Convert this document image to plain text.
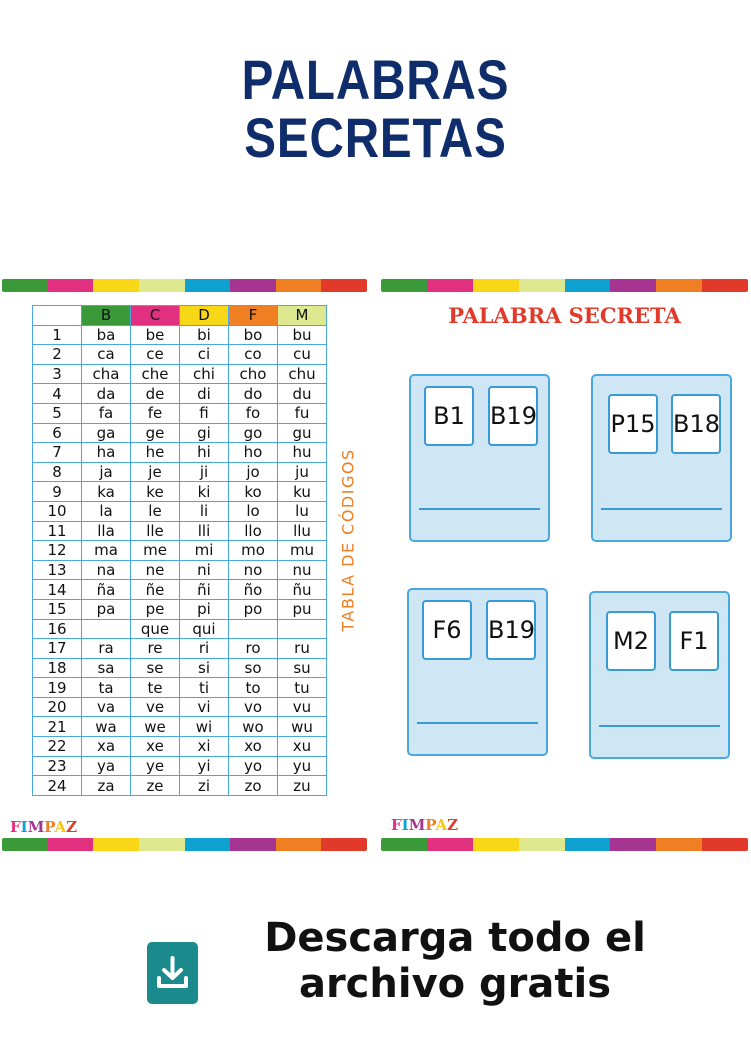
PALABRAS
SECRETAS
	B	C	D	F	M
1	ba	be	bi	bo	bu
2	ca	ce	ci	co	cu
3	cha	che	chi	cho	chu
4	da	de	di	do	du
5	fa	fe	fi	fo	fu
6	ga	ge	gi	go	gu
7	ha	he	hi	ho	hu
8	ja	je	ji	jo	ju
9	ka	ke	ki	ko	ku
10	la	le	li	lo	lu
11	lla	lle	lli	llo	llu
12	ma	me	mi	mo	mu
13	na	ne	ni	no	nu
14	ña	ñe	ñi	ño	ñu
15	pa	pe	pi	po	pu
16		que	qui		
17	ra	re	ri	ro	ru
18	sa	se	si	so	su
19	ta	te	ti	to	tu
20	va	ve	vi	vo	vu
21	wa	we	wi	wo	wu
22	xa	xe	xi	xo	xu
23	ya	ye	yi	yo	yu
24	za	ze	zi	zo	zu
TABLA DE CÓDIGOS
FIMPAZ	FIMPAZ
PALABRA SECRETA
B1	B19	P15 B18
F6	B19	M2	F1
Descarga todo el
archivo gratis
